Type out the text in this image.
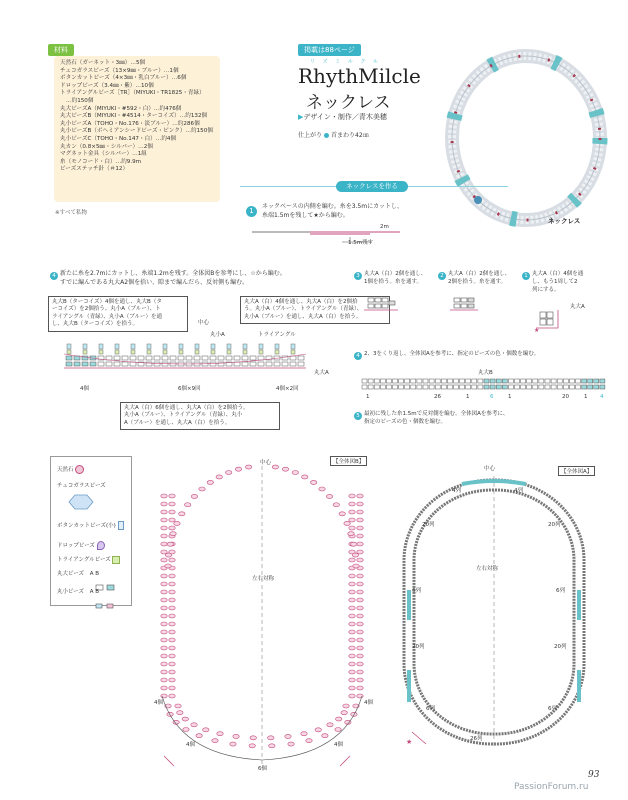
材料
天然石（ガーネット・3㎜）…5個
チェコガラスビーズ（13×9㎜・ブルー）…1個
ボタンカットビーズ（4×3㎜・乳白ブルー）…6個
ドロップビーズ（3.4㎜・紫）…10個
トライアングルビーズ［TR］（MIYUKI・TR1825・青緑）
…約150個
丸大ビーズA（MIYUKI・#592・白）…約476個
丸大ビーズB（MIYUKI・#4514・ターコイズ）…約132個
丸小ビーズA（TOHO・No.176・淡ブルー）…約286個
丸小ビーズB（ボヘミアンシードビーズ・ピンク）…約150個
丸小ビーズC（TOHO・No.147・白）…約4個
丸カン（0.8×5㎜・シルバー）…2個
マグネット金具（シルバー）…1組
糸（モノコード・白）…約9.9m
ビーズステッチ針（＃12）
※すべて私物
掲載は88ページ
リ ズ ミ ル ク ル
RhythMilcle
ネックレス
▶デザイン・制作／青木美穂
仕上がり 首まわり42㎝
ネックレス
ネックレスを作る
1
ネックベースの内側を編む。糸を3.5mにカットし、
糸端1.5mを残して★から編む。
2m
1.5m残す
4 新たに糸を2.7mにカットし、糸端1.2mを残す。全体図Bを参考にし、☆から編む。
すでに編んである丸大A2個を拾い、隙まで編んだら、反対側も編む。
丸大B（ターコイズ）4個を通し、丸大B（タ
ーコイズ）を2個拾う。丸小A（ブルー）、ト
ライアングル（青緑）、丸小A（ブルー）を通
し、丸大B（ターコイズ）を拾う。
丸大A（白）4個を通し、丸大A（白）を2個拾
う。丸小A（ブルー）、トライアングル（青緑）、
丸小A（ブルー）を通し、丸大A（白）を拾う。
中心
丸小A	トライアングル
丸大A
4個	6個×9回	4個×2回
丸大A（白）6個を通し、丸大A（白）を2個拾う。
丸小A（ブルー）、トライアングル（青緑）、丸小
A（ブルー）を通し、丸大A（白）を拾う。
3 丸大A（白）2個を通し、
1個を拾う。糸を通す。
2 丸大A（白）2個を通し、
2個を拾う。糸を通す。
1 丸大A（白）4個を通
し、もう1周して2
列にする。
丸大A
★
4 2、3をくり返し、全体図Aを参考に、指定のビーズの色・個数を編む。
丸大B
1	26	1	6	1	20	1 4
5 最初に残した糸1.5mで反対側を編む。全体図Aを参考に、
指定のビーズの色・個数を編む。
天然石
チェコガラスビーズ
ボタンカットビーズ(小)
ドロップビーズ
トライアングルビーズ
丸大ビーズ A B
丸小ビーズ A B
【全体図B】
中心
左右対称
4個
4個
4個
4個
6個
【全体図A】
中心
左右対称
★
4列	4列
20列
6列
20列
6列
20列
6列
20列
6列
26列
93
PassionForum.ru
